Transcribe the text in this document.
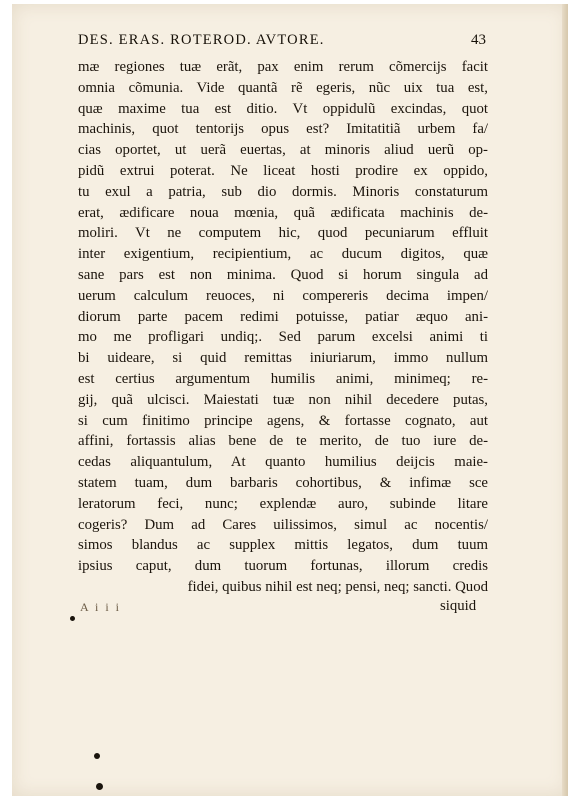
DES. ERAS. ROTEROD. AVTORE.	43
mæ regiones tuæ erãt, pax enim rerum cõmercijs facit
omnia cõmunia. Vide quantã rẽ egeris, nũc uix tua est,
quæ maxime tua est ditio. Vt oppidulũ excindas, quot
machinis, quot tentorijs opus est? Imitatitiã urbem fa/
cias oportet, ut uerã euertas, at minoris aliud uerũ op-
pidũ extrui poterat. Ne liceat hosti prodire ex oppido,
tu exul a patria, sub dio dormis. Minoris constaturum
erat, ædificare noua mœnia, quã ædificata machinis de-
moliri. Vt ne computem hic, quod pecuniarum effluit
inter exigentium, recipientium, ac ducum digitos, quæ
sane pars est non minima. Quod si horum singula ad
uerum calculum reuoces, ni compereris decima impen/
diorum parte pacem redimi potuisse, patiar æquo ani-
mo me profligari undiq;. Sed parum excelsi animi ti
bi uideare, si quid remittas iniuriarum, immo nullum
est certius argumentum humilis animi, minimeq; re-
gij, quã ulcisci. Maiestati tuæ non nihil decedere putas,
si cum finitimo principe agens, & fortasse cognato, aut
affini, fortassis alias bene de te merito, de tuo iure de-
cedas aliquantulum, At quanto humilius deijcis maie-
statem tuam, dum barbaris cohortibus, & infimæ sce
leratorum feci, nunc; explendæ auro, subinde litare
cogeris? Dum ad Cares uilissimos, simul ac nocentis/
simos blandus ac supplex mittis legatos, dum tuum
ipsius caput, dum tuorum fortunas, illorum credis
fidei, quibus nihil est neq; pensi, neq; sancti. Quod
A i i i	siquid
